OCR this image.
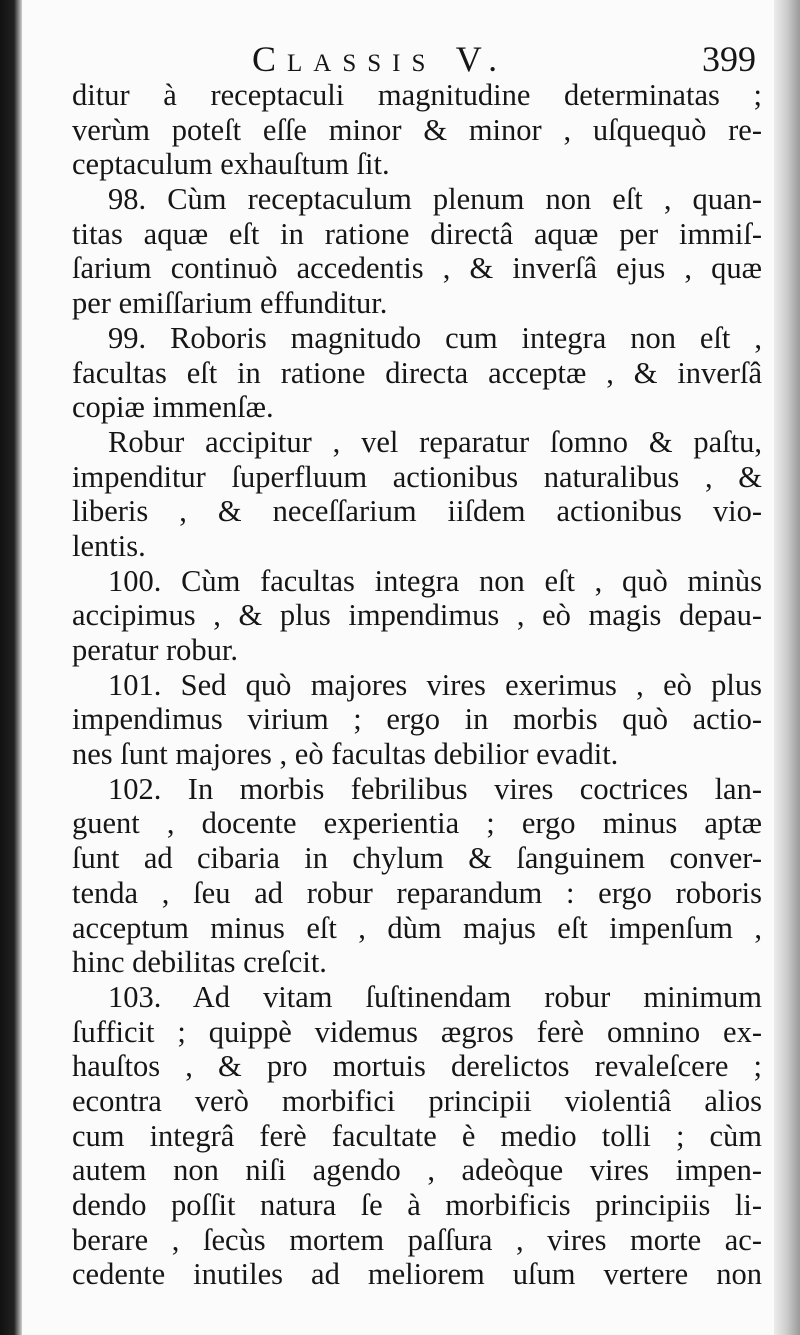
Classis V.	399
ditur à receptaculi magnitudine determinatas ;
verùm poteſt eſſe minor & minor , uſquequò re-
ceptaculum exhauſtum ſit.
98. Cùm receptaculum plenum non eſt , quan-
titas aquæ eſt in ratione directâ aquæ per immiſ-
ſarium continuò accedentis , & inverſâ ejus , quæ
per emiſſarium effunditur.
99. Roboris magnitudo cum integra non eſt ,
facultas eſt in ratione directa acceptæ , & inverſâ
copiæ immenſæ.
Robur accipitur , vel reparatur ſomno & paſtu,
impenditur ſuperfluum actionibus naturalibus , &
liberis , & neceſſarium iiſdem actionibus vio-
lentis.
100. Cùm facultas integra non eſt , quò minùs
accipimus , & plus impendimus , eò magis depau-
peratur robur.
101. Sed quò majores vires exerimus , eò plus
impendimus virium ; ergo in morbis quò actio-
nes ſunt majores , eò facultas debilior evadit.
102. In morbis febrilibus vires coctrices lan-
guent , docente experientia ; ergo minus aptæ
ſunt ad cibaria in chylum & ſanguinem conver-
tenda , ſeu ad robur reparandum : ergo roboris
acceptum minus eſt , dùm majus eſt impenſum ,
hinc debilitas creſcit.
103. Ad vitam ſuſtinendam robur minimum
ſufficit ; quippè videmus ægros ferè omnino ex-
hauſtos , & pro mortuis derelictos revaleſcere ;
econtra verò morbifici principii violentiâ alios
cum integrâ ferè facultate è medio tolli ; cùm
autem non niſi agendo , adeòque vires impen-
dendo poſſit natura ſe à morbificis principiis li-
berare , ſecùs mortem paſſura , vires morte ac-
cedente inutiles ad meliorem uſum vertere non
